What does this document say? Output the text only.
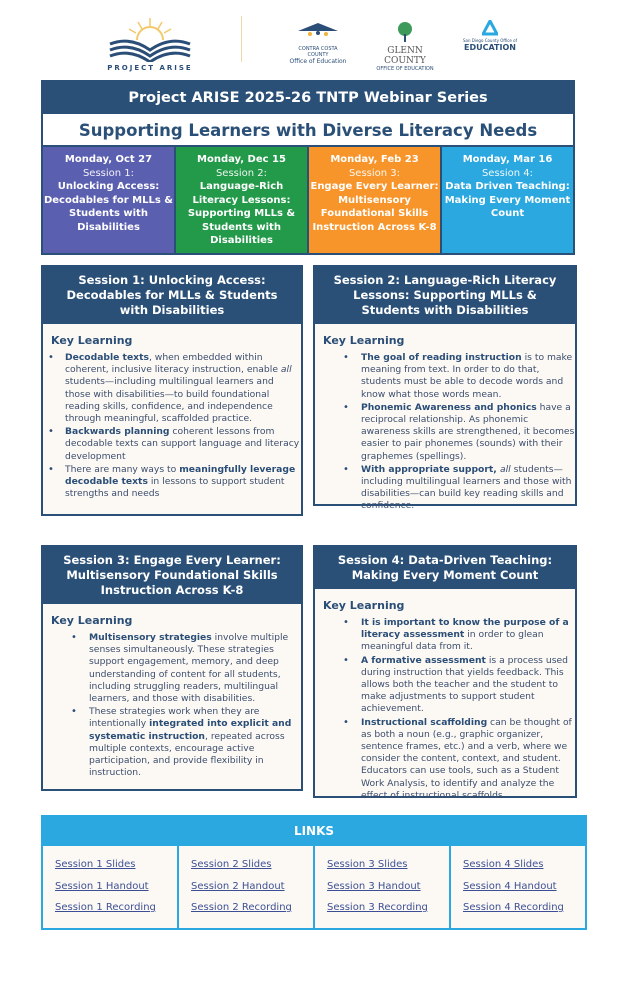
PROJECT ARISE
CONTRA COSTA COUNTY
Office of Education
GLENN COUNTY
OFFICE OF EDUCATION
San Diego County Office of
EDUCATION
Project ARISE 2025-26 TNTP Webinar Series
Supporting Learners with Diverse Literacy Needs
Monday, Oct 27
Session 1:
Unlocking Access: Decodables for MLLs & Students with Disabilities
Monday, Dec 15
Session 2:
Language-Rich Literacy Lessons: Supporting MLLs & Students with Disabilities
Monday, Feb 23
Session 3:
Engage Every Learner: Multisensory Foundational Skills Instruction Across K-8
Monday, Mar 16
Session 4:
Data Driven Teaching: Making Every Moment Count
Session 1: Unlocking Access: Decodables for MLLs & Students with Disabilities
Key Learning
• Decodable texts, when embedded within coherent, inclusive literacy instruction, enable all students—including multilingual learners and those with disabilities—to build foundational reading skills, confidence, and independence through meaningful, scaffolded practice.
• Backwards planning coherent lessons from decodable texts can support language and literacy development
• There are many ways to meaningfully leverage decodable texts in lessons to support student strengths and needs
Session 2: Language-Rich Literacy Lessons: Supporting MLLs & Students with Disabilities
Key Learning
• The goal of reading instruction is to make meaning from text. In order to do that, students must be able to decode words and know what those words mean.
• Phonemic Awareness and phonics have a reciprocal relationship. As phonemic awareness skills are strengthened, it becomes easier to pair phonemes (sounds) with their graphemes (spellings).
• With appropriate support, all students—including multilingual learners and those with disabilities—can build key reading skills and confidence.
Session 3: Engage Every Learner: Multisensory Foundational Skills Instruction Across K-8
Key Learning
• Multisensory strategies involve multiple senses simultaneously. These strategies support engagement, memory, and deep understanding of content for all students, including struggling readers, multilingual learners, and those with disabilities.
• These strategies work when they are intentionally integrated into explicit and systematic instruction, repeated across multiple contexts, encourage active participation, and provide flexibility in instruction.
Session 4: Data-Driven Teaching: Making Every Moment Count
Key Learning
• It is important to know the purpose of a literacy assessment in order to glean meaningful data from it.
• A formative assessment is a process used during instruction that yields feedback. This allows both the teacher and the student to make adjustments to support student achievement.
• Instructional scaffolding can be thought of as both a noun (e.g., graphic organizer, sentence frames, etc.) and a verb, where we consider the content, context, and student. Educators can use tools, such as a Student Work Analysis, to identify and analyze the effect of instructional scaffolds.
LINKS
Session 1 Slides
Session 1 Handout
Session 1 Recording
Session 2 Slides
Session 2 Handout
Session 2 Recording
Session 3 Slides
Session 3 Handout
Session 3 Recording
Session 4 Slides
Session 4 Handout
Session 4 Recording
